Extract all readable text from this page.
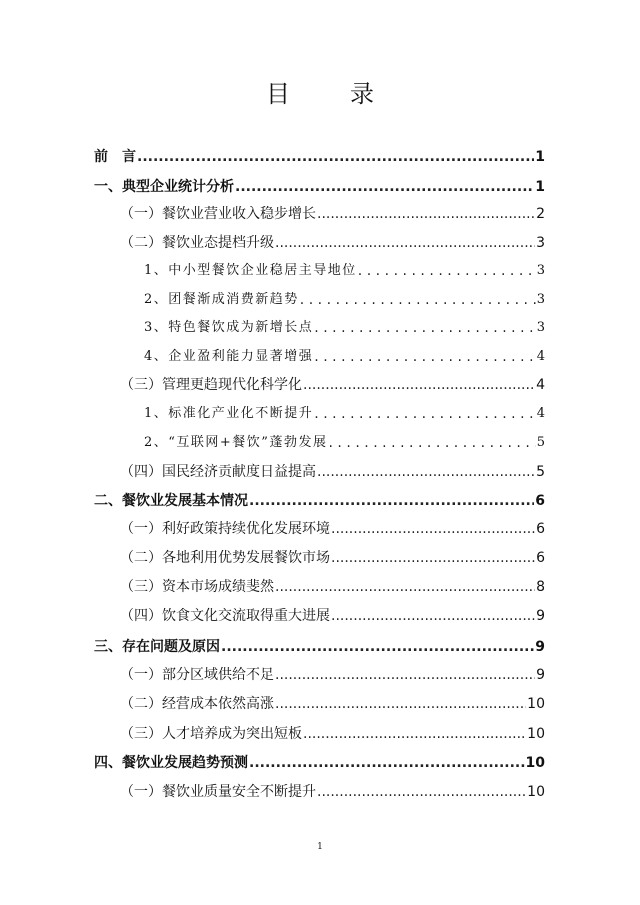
目　录
前　言 .....	1
一、典型企业统计分析 .....	1
（一）餐饮业营业收入稳步增长 .....	2
（二）餐饮业态提档升级 .....	3
1、中小型餐饮企业稳居主导地位 .....	3
2、团餐渐成消费新趋势 .....	3
3、特色餐饮成为新增长点 .....	3
4、企业盈利能力显著增强 .....	4
（三）管理更趋现代化科学化 .....	4
1、标准化产业化不断提升 .....	4
2、“互联网+餐饮”蓬勃发展 .....	5
（四）国民经济贡献度日益提高 .....	5
二、餐饮业发展基本情况 .....	6
（一）利好政策持续优化发展环境 .....	6
（二）各地利用优势发展餐饮市场 .....	6
（三）资本市场成绩斐然 .....	8
（四）饮食文化交流取得重大进展 .....	9
三、存在问题及原因 .....	9
（一）部分区域供给不足 .....	9
（二）经营成本依然高涨 .....	10
（三）人才培养成为突出短板 .....	10
四、餐饮业发展趋势预测 .....	10
（一）餐饮业质量安全不断提升 .....	10
1
